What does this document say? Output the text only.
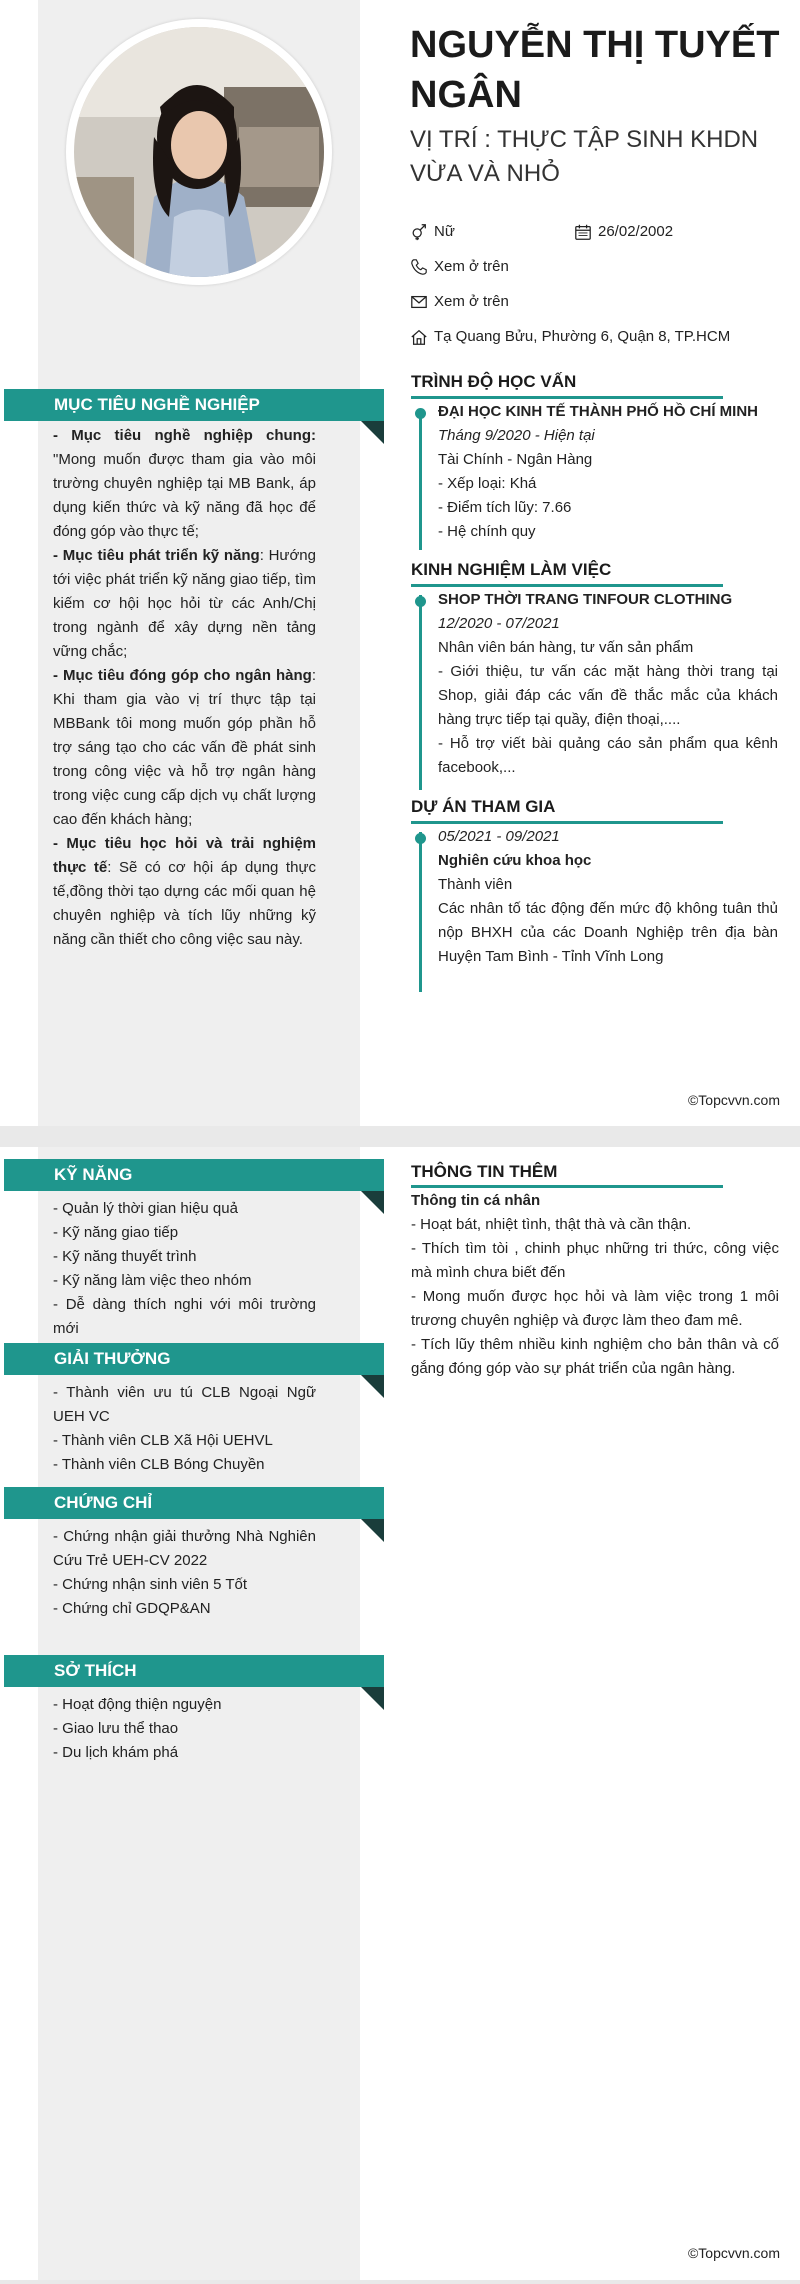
NGUYỄN THỊ TUYẾT NGÂN
VỊ TRÍ : THỰC TẬP SINH KHDN VỪA VÀ NHỎ
Nữ	26/02/2002
Xem ở trên
Xem ở trên
Tạ Quang Bửu, Phường 6, Quận 8, TP.HCM
MỤC TIÊU NGHỀ NGHIỆP

- Mục tiêu nghề nghiệp chung: "Mong muốn được tham gia vào môi trường chuyên nghiệp tại MB Bank, áp dụng kiến thức và kỹ năng đã học để đóng góp vào thực tế;

- Mục tiêu phát triển kỹ năng: Hướng tới việc phát triển kỹ năng giao tiếp, tìm kiếm cơ hội học hỏi từ các Anh/Chị trong ngành để xây dựng nền tảng vững chắc;

- Mục tiêu đóng góp cho ngân hàng: Khi tham gia vào vị trí thực tập tại MBBank tôi mong muốn góp phần hỗ trợ sáng tạo cho các vấn đề phát sinh trong công việc và hỗ trợ ngân hàng trong việc cung cấp dịch vụ chất lượng cao đến khách hàng;

- Mục tiêu học hỏi và trải nghiệm thực tế: Sẽ có cơ hội áp dụng thực tế,đồng thời tạo dựng các mối quan hệ chuyên nghiệp và tích lũy những kỹ năng cần thiết cho công việc sau này.

TRÌNH ĐỘ HỌC VẤN
ĐẠI HỌC KINH TẾ THÀNH PHỐ HỒ CHÍ MINH
Tháng 9/2020 - Hiện tại
Tài Chính - Ngân Hàng
- Xếp loại: Khá
- Điểm tích lũy: 7.66
- Hệ chính quy
KINH NGHIỆM LÀM VIỆC
SHOP THỜI TRANG TINFOUR CLOTHING
12/2020 - 07/2021
Nhân viên bán hàng, tư vấn sản phẩm
- Giới thiệu, tư vấn các mặt hàng thời trang tại Shop, giải đáp các vấn đề thắc mắc của khách hàng trực tiếp tại quầy, điện thoại,....
- Hỗ trợ viết bài quảng cáo sản phẩm qua kênh facebook,...
DỰ ÁN THAM GIA
05/2021 - 09/2021
Nghiên cứu khoa học
Thành viên
Các nhân tố tác động đến mức độ không tuân thủ nộp BHXH của các Doanh Nghiệp trên địa bàn Huyện Tam Bình - Tỉnh Vĩnh Long
©Topcvvn.com
KỸ NĂNG
- Quản lý thời gian hiệu quả
- Kỹ năng giao tiếp
- Kỹ năng thuyết trình
- Kỹ năng làm việc theo nhóm
- Dễ dàng thích nghi với môi trường mới
GIẢI THƯỞNG
- Thành viên ưu tú CLB Ngoại Ngữ UEH VC
- Thành viên CLB Xã Hội UEHVL
- Thành viên CLB Bóng Chuyền
CHỨNG CHỈ
- Chứng nhận giải thưởng Nhà Nghiên Cứu Trẻ UEH-CV 2022
- Chứng nhận sinh viên 5 Tốt
- Chứng chỉ GDQP&AN
SỞ THÍCH
- Hoạt động thiện nguyện
- Giao lưu thể thao
- Du lịch khám phá
THÔNG TIN THÊM
Thông tin cá nhân
- Hoạt bát, nhiệt tình, thật thà và cần thận.
- Thích tìm tòi , chinh phục những tri thức, công việc mà mình chưa biết đến
- Mong muốn được học hỏi và làm việc trong 1 môi trương chuyên nghiệp và được làm theo đam mê.
- Tích lũy thêm nhiều kinh nghiệm cho bản thân và cố gắng đóng góp vào sự phát triển của ngân hàng.
©Topcvvn.com
